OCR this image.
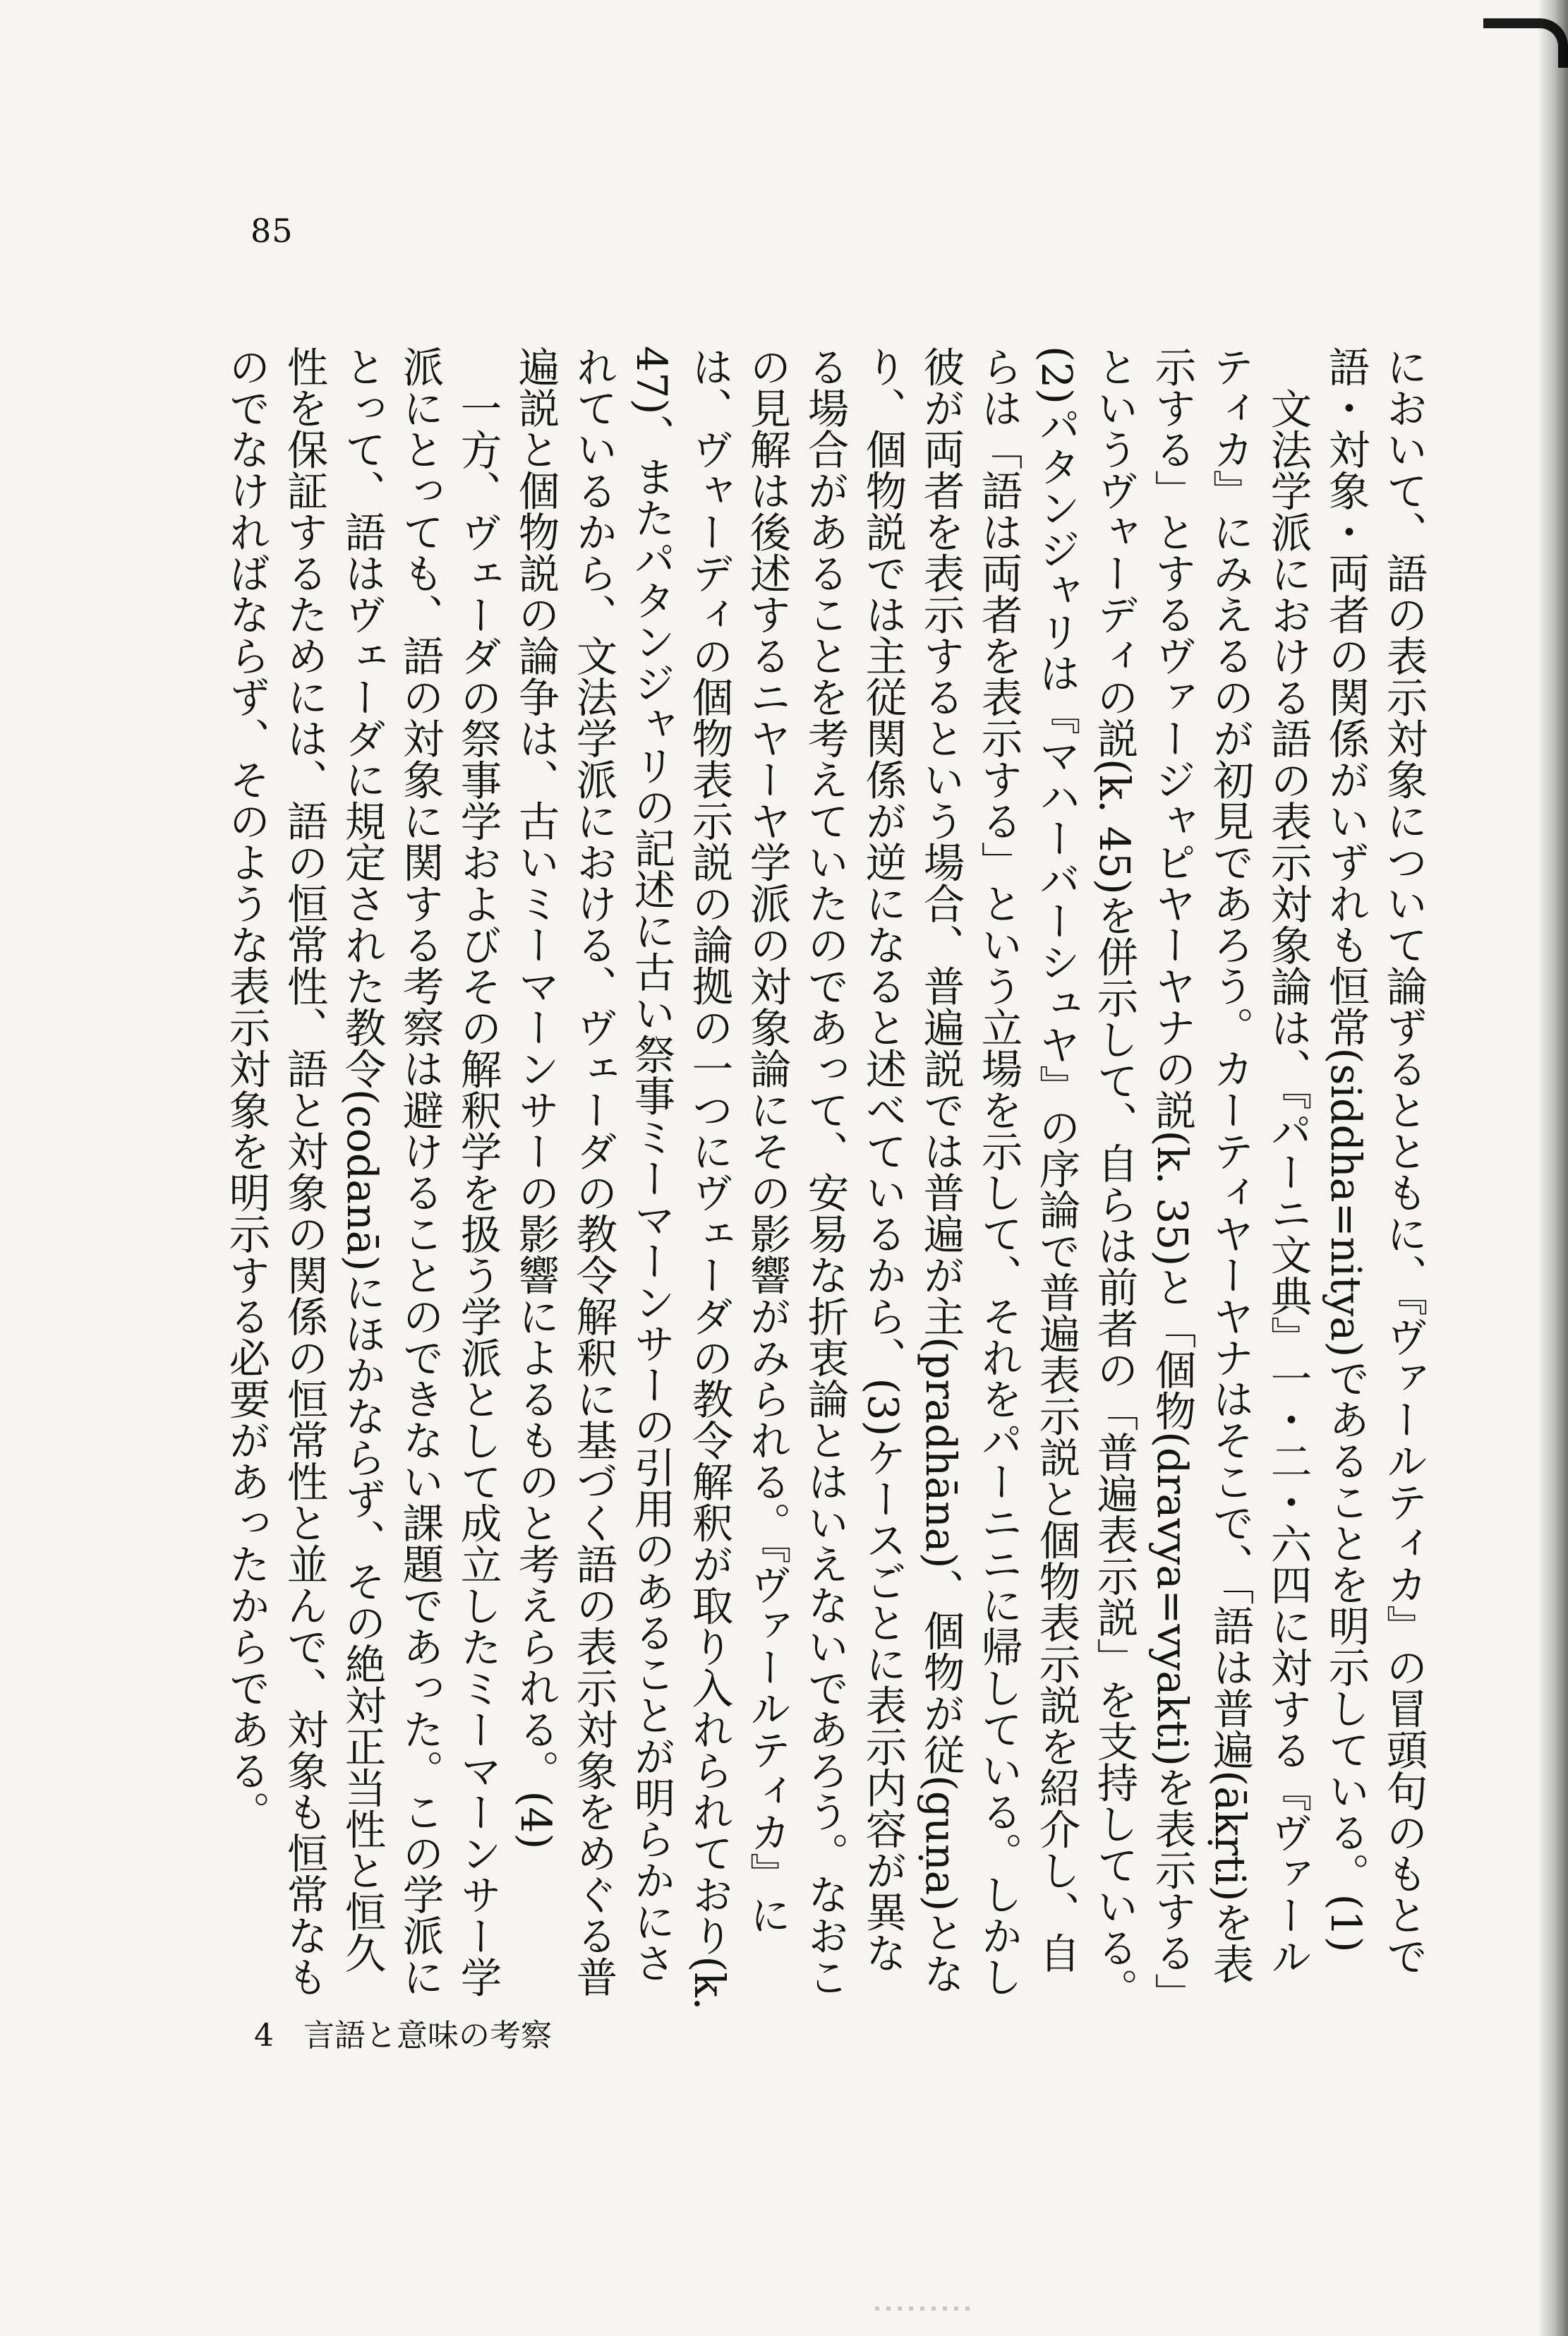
85

において、語の表示対象について論ずるとともに、『ヴァールティカ』の冒頭句のもとで語・対象・両者の関係がいずれも恒常(siddha=nitya)であることを明示している。(1)

文法学派における語の表示対象論は、『パーニ文典』一・二・六四に対する『ヴァールティカ』にみえるのが初見であろう。カーティヤーヤナはそこで、「語は普遍(ākṛti)を表示する」とするヴァージャピヤーヤナの説(k. 35)と「個物(dravya=vyakti)を表示する」というヴャーディの説(k. 45)を併示して、自らは前者の「普遍表示説」を支持している。(2)パタンジャリは『マハーバーシュヤ』の序論で普遍表示説と個物表示説を紹介し、自らは「語は両者を表示する」という立場を示して、それをパーニニに帰している。しかし彼が両者を表示するという場合、普遍説では普遍が主(pradhāna)、個物が従(guṇa)となり、個物説では主従関係が逆になると述べているから、(3)ケースごとに表示内容が異なる場合があることを考えていたのであって、安易な折衷論とはいえないであろう。なおこの見解は後述するニヤーヤ学派の対象論にその影響がみられる。『ヴァールティカ』には、ヴャーディの個物表示説の論拠の一つにヴェーダの教令解釈が取り入れられており(k. 47)、またパタンジャリの記述に古い祭事ミーマーンサーの引用のあることが明らかにされているから、文法学派における、ヴェーダの教令解釈に基づく語の表示対象をめぐる普遍説と個物説の論争は、古いミーマーンサーの影響によるものと考えられる。(4)

一方、ヴェーダの祭事学およびその解釈学を扱う学派として成立したミーマーンサー学派にとっても、語の対象に関する考察は避けることのできない課題であった。この学派にとって、語はヴェーダに規定された教令(codanā)にほかならず、その絶対正当性と恒久性を保証するためには、語の恒常性、語と対象の関係の恒常性と並んで、対象も恒常なものでなければならず、そのような表示対象を明示する必要があったからである。

4 言語と意味の考察
